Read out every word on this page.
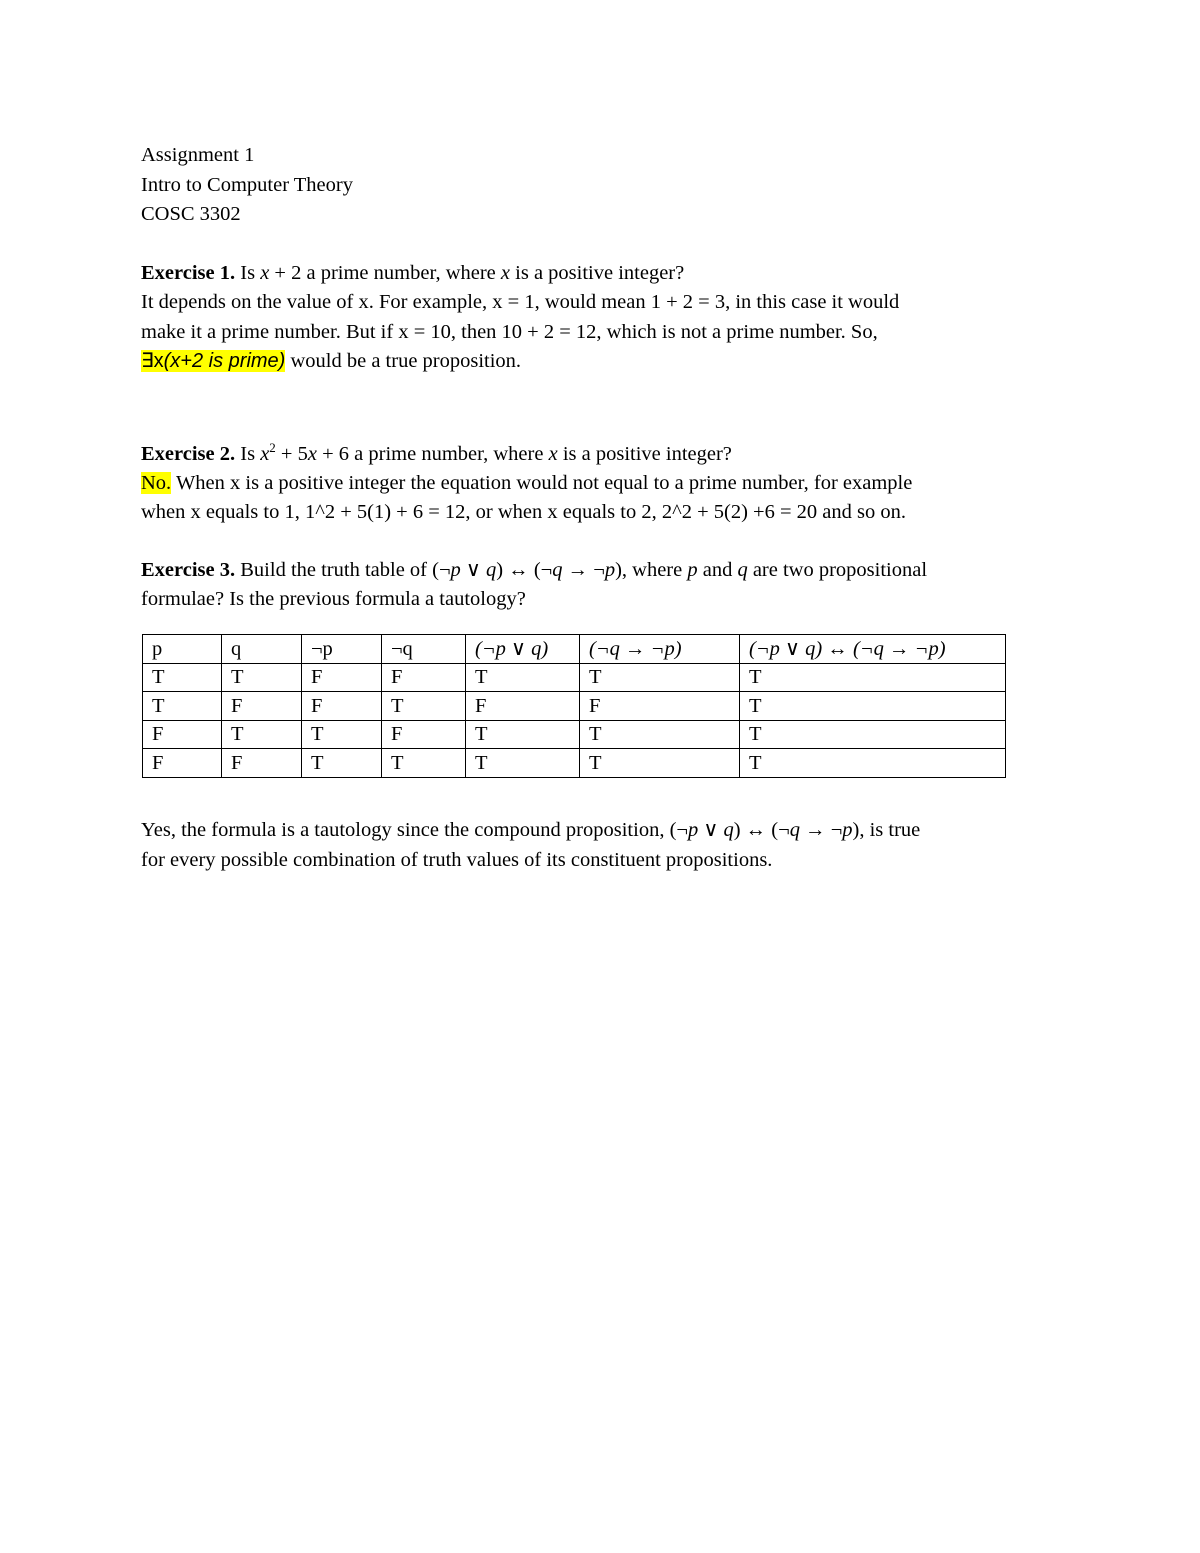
Assignment 1
Intro to Computer Theory
COSC 3302
Exercise 1. Is x + 2 a prime number, where x is a positive integer?
It depends on the value of x. For example, x = 1, would mean 1 + 2 = 3, in this case it would
make it a prime number. But if x = 10, then 10 + 2 = 12, which is not a prime number. So,
∃x(x+2 is prime) would be a true proposition.
Exercise 2. Is $x^2 + 5x + 6$ a prime number, where x is a positive integer?
No. When x is a positive integer the equation would not equal to a prime number, for example
when x equals to 1, 1^2 + 5(1) + 6 = 12, or when x equals to 2, 2^2 + 5(2) +6 = 20 and so on.
Exercise 3. Build the truth table of (¬p ∨ q) ↔ (¬q → ¬p), where p and q are two propositional
formulae? Is the previous formula a tautology?
p	q	¬p	¬q	(¬p ∨ q)	(¬q → ¬p)	(¬p ∨ q) ↔ (¬q → ¬p)
T	T	F	F	T	T	T
T	F	F	T	F	F	T
F	T	T	F	T	T	T
F	F	T	T	T	T	T
Yes, the formula is a tautology since the compound proposition, (¬p ∨ q) ↔ (¬q → ¬p), is true
for every possible combination of truth values of its constituent propositions.
